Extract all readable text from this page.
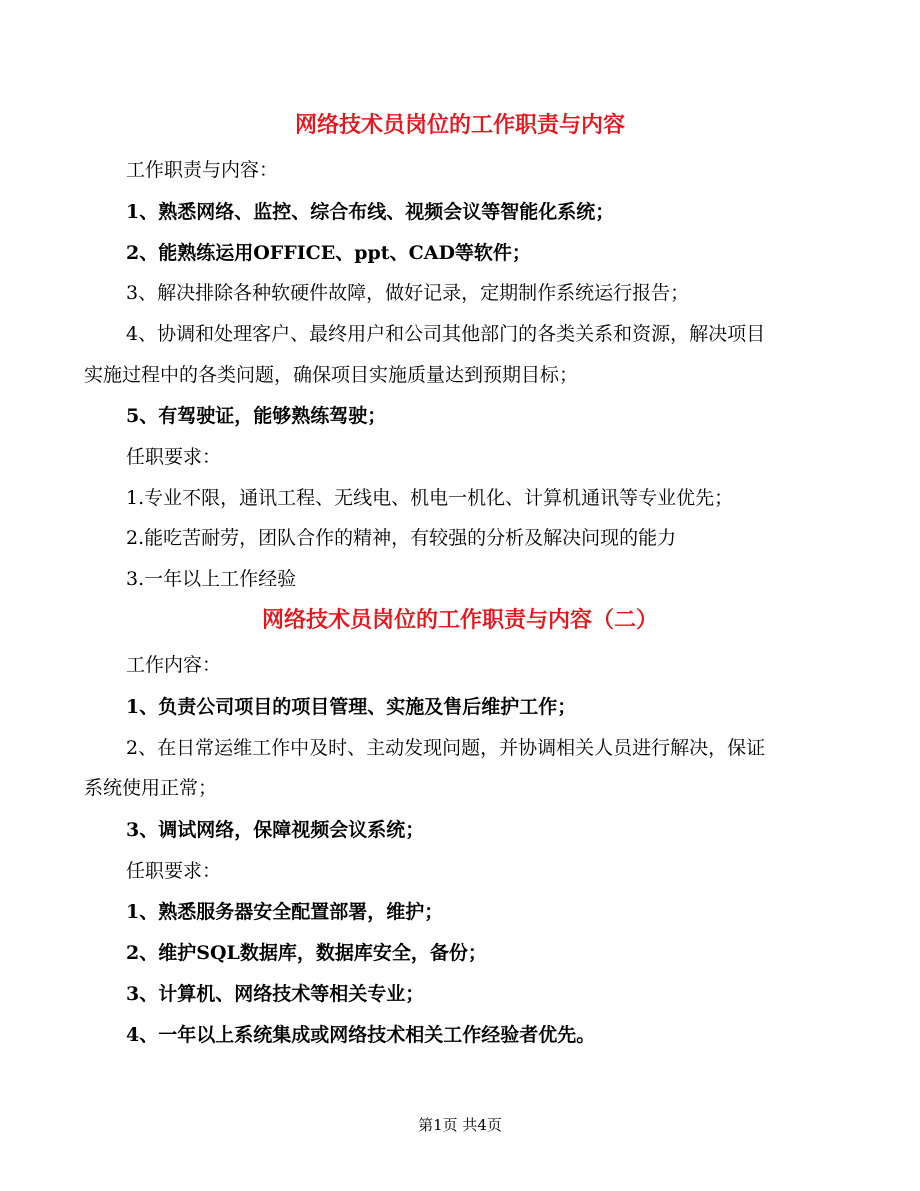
网络技术员岗位的工作职责与内容
工作职责与内容：
1、熟悉网络、监控、综合布线、视频会议等智能化系统；
2、能熟练运用OFFICE、ppt、CAD等软件；
3、解决排除各种软硬件故障，做好记录，定期制作系统运行报告；
4、协调和处理客户、最终用户和公司其他部门的各类关系和资源，解决项目
实施过程中的各类问题，确保项目实施质量达到预期目标；
5、有驾驶证，能够熟练驾驶；
任职要求：
1.专业不限，通讯工程、无线电、机电一机化、计算机通讯等专业优先；
2.能吃苦耐劳，团队合作的精神，有较强的分析及解决问现的能力
3.一年以上工作经验
网络技术员岗位的工作职责与内容（二）
工作内容：
1、负责公司项目的项目管理、实施及售后维护工作；
2、在日常运维工作中及时、主动发现问题，并协调相关人员进行解决，保证
系统使用正常；
3、调试网络，保障视频会议系统；
任职要求：
1、熟悉服务器安全配置部署，维护；
2、维护SQL数据库，数据库安全，备份；
3、计算机、网络技术等相关专业；
4、一年以上系统集成或网络技术相关工作经验者优先。
第1页 共4页
